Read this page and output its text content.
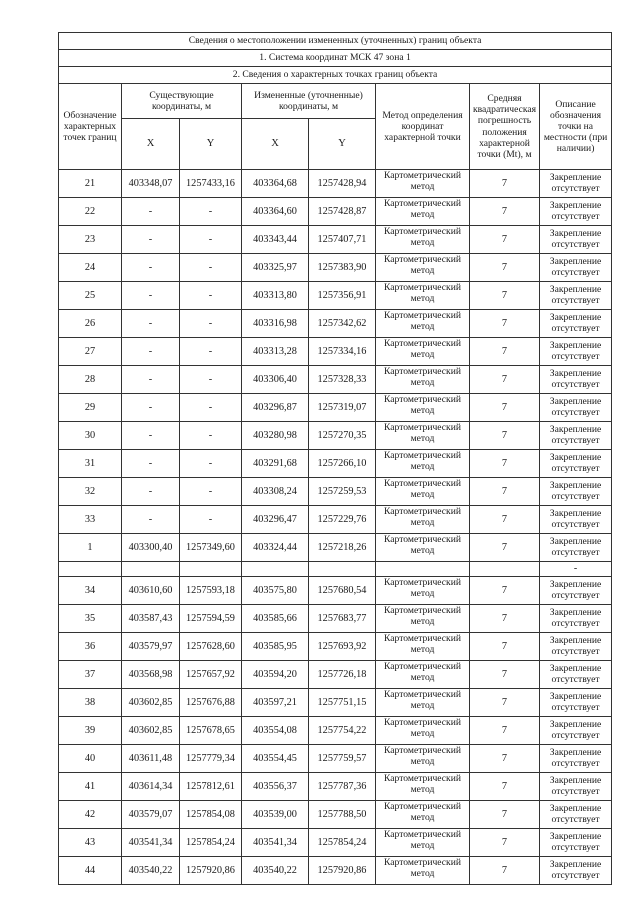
Сведения о местоположении измененных (уточненных) границ объекта							
1. Система координат МСК 47 зона 1							
2. Сведения о характерных точках границ объекта							
Обозначение характерных точек границ	Существующие координаты, м		Измененные (уточненные) координаты, м		Метод определения координат характерной точки	Средняя квадратическая погрешность положения характерной точки (Mt), м	Описание обозначения точки на местности (при наличии)
	X	Y	X	Y			
21	403348,07	1257433,16	403364,68	1257428,94	Картометрический метод	7	Закрепление отсутствует
22	-	-	403364,60	1257428,87	Картометрический метод	7	Закрепление отсутствует
23	-	-	403343,44	1257407,71	Картометрический метод	7	Закрепление отсутствует
24	-	-	403325,97	1257383,90	Картометрический метод	7	Закрепление отсутствует
25	-	-	403313,80	1257356,91	Картометрический метод	7	Закрепление отсутствует
26	-	-	403316,98	1257342,62	Картометрический метод	7	Закрепление отсутствует
27	-	-	403313,28	1257334,16	Картометрический метод	7	Закрепление отсутствует
28	-	-	403306,40	1257328,33	Картометрический метод	7	Закрепление отсутствует
29	-	-	403296,87	1257319,07	Картометрический метод	7	Закрепление отсутствует
30	-	-	403280,98	1257270,35	Картометрический метод	7	Закрепление отсутствует
31	-	-	403291,68	1257266,10	Картометрический метод	7	Закрепление отсутствует
32	-	-	403308,24	1257259,53	Картометрический метод	7	Закрепление отсутствует
33	-	-	403296,47	1257229,76	Картометрический метод	7	Закрепление отсутствует
1	403300,40	1257349,60	403324,44	1257218,26	Картометрический метод	7	Закрепление отсутствует
							-
34	403610,60	1257593,18	403575,80	1257680,54	Картометрический метод	7	Закрепление отсутствует
35	403587,43	1257594,59	403585,66	1257683,77	Картометрический метод	7	Закрепление отсутствует
36	403579,97	1257628,60	403585,95	1257693,92	Картометрический метод	7	Закрепление отсутствует
37	403568,98	1257657,92	403594,20	1257726,18	Картометрический метод	7	Закрепление отсутствует
38	403602,85	1257676,88	403597,21	1257751,15	Картометрический метод	7	Закрепление отсутствует
39	403602,85	1257678,65	403554,08	1257754,22	Картометрический метод	7	Закрепление отсутствует
40	403611,48	1257779,34	403554,45	1257759,57	Картометрический метод	7	Закрепление отсутствует
41	403614,34	1257812,61	403556,37	1257787,36	Картометрический метод	7	Закрепление отсутствует
42	403579,07	1257854,08	403539,00	1257788,50	Картометрический метод	7	Закрепление отсутствует
43	403541,34	1257854,24	403541,34	1257854,24	Картометрический метод	7	Закрепление отсутствует
44	403540,22	1257920,86	403540,22	1257920,86	Картометрический метод	7	Закрепление отсутствует
